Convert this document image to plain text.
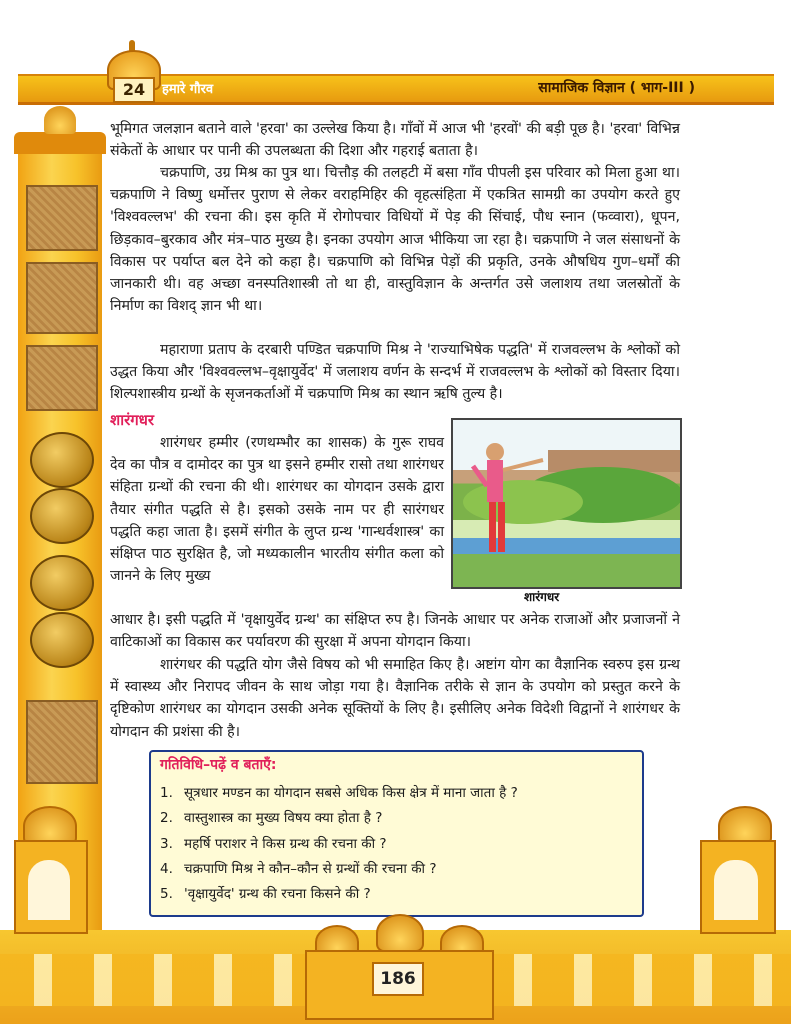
24	हमारे गौरव	सामाजिक विज्ञान ( भाग-III )
भूमिगत जलज्ञान बताने वाले 'हरवा' का उल्लेख किया है। गाँवों में आज भी 'हरवों' की बड़ी पूछ है। 'हरवा' विभिन्न संकेतों के आधार पर पानी की उपलब्धता की दिशा और गहराई बताता है।
चक्रपाणि, उग्र मिश्र का पुत्र था। चित्तौड़ की तलहटी में बसा गाँव पीपली इस परिवार को मिला हुआ था। चक्रपाणि ने विष्णु धर्मोत्तर पुराण से लेकर वराहमिहिर की वृहत्संहिता में एकत्रित सामग्री का उपयोग करते हुए 'विश्ववल्लभ' की रचना की। इस कृति में रोगोपचार विधियों में पेड़ की सिंचाई, पौध स्नान (फव्वारा), धूपन, छिड़काव–बुरकाव और मंत्र–पाठ मुख्य है। इनका उपयोग आज भीकिया जा रहा है। चक्रपाणि ने जल संसाधनों के विकास पर पर्याप्त बल देने को कहा है। चक्रपाणि को विभिन्न पेड़ों की प्रकृति, उनके औषधिय गुण–धर्मों की जानकारी थी। वह अच्छा वनस्पतिशास्त्री तो था ही, वास्तुविज्ञान के अन्तर्गत उसे जलाशय तथा जलस्रोतों के निर्माण का विशद् ज्ञान भी था।
महाराणा प्रताप के दरबारी पण्डित चक्रपाणि मिश्र ने 'राज्याभिषेक पद्धति' में राजवल्लभ के श्लोकों को उद्धत किया और 'विश्ववल्लभ–वृक्षायुर्वेद' में जलाशय वर्णन के सन्दर्भ में राजवल्लभ के श्लोकों को विस्तार दिया। शिल्पशास्त्रीय ग्रन्थों के सृजनकर्ताओं में चक्रपाणि मिश्र का स्थान ऋषि तुल्य है।
शारंगधर
शारंगधर हम्मीर (रणथम्भौर का शासक) के गुरू राघव देव का पौत्र व दामोदर का पुत्र था इसने हम्मीर रासो तथा शारंगधर संहिता ग्रन्थों की रचना की थी। शारंगधर का योगदान उसके द्वारा तैयार संगीत पद्धति से है। इसको उसके नाम पर ही सारंगधर पद्धति कहा जाता है। इसमें संगीत के लुप्त ग्रन्थ 'गान्धर्वशास्त्र' का संक्षिप्त पाठ सुरक्षित है, जो मध्यकालीन भारतीय संगीत कला को जानने के लिए मुख्य
आधार है। इसी पद्धति में 'वृक्षायुर्वेद ग्रन्थ' का संक्षिप्त रुप है। जिनके आधार पर अनेक राजाओं और प्रजाजनों ने वाटिकाओं का विकास कर पर्यावरण की सुरक्षा में अपना योगदान किया।
शारंगधर की पद्धति योग जैसे विषय को भी समाहित किए है। अष्टांग योग का वैज्ञानिक स्वरुप इस ग्रन्थ में स्वास्थ्य और निरापद जीवन के साथ जोड़ा गया है। वैज्ञानिक तरीके से ज्ञान के उपयोग को प्रस्तुत करने के दृष्टिकोण शारंगधर का योगदान उसकी अनेक सूक्तियों के लिए है। इसीलिए अनेक विदेशी विद्वानों ने शारंगधर के योगदान की प्रशंसा की है।
शारंगधर
गतिविधि–पढ़ें व बताएँ:
1. सूत्रधार मण्डन का योगदान सबसे अधिक किस क्षेत्र में माना जाता है ?
2. वास्तुशास्त्र का मुख्य विषय क्या होता है ?
3. महर्षि पराशर ने किस ग्रन्थ की रचना की ?
4. चक्रपाणि मिश्र ने कौन–कौन से ग्रन्थों की रचना की ?
5. 'वृक्षायुर्वेद' ग्रन्थ की रचना किसने की ?
186
